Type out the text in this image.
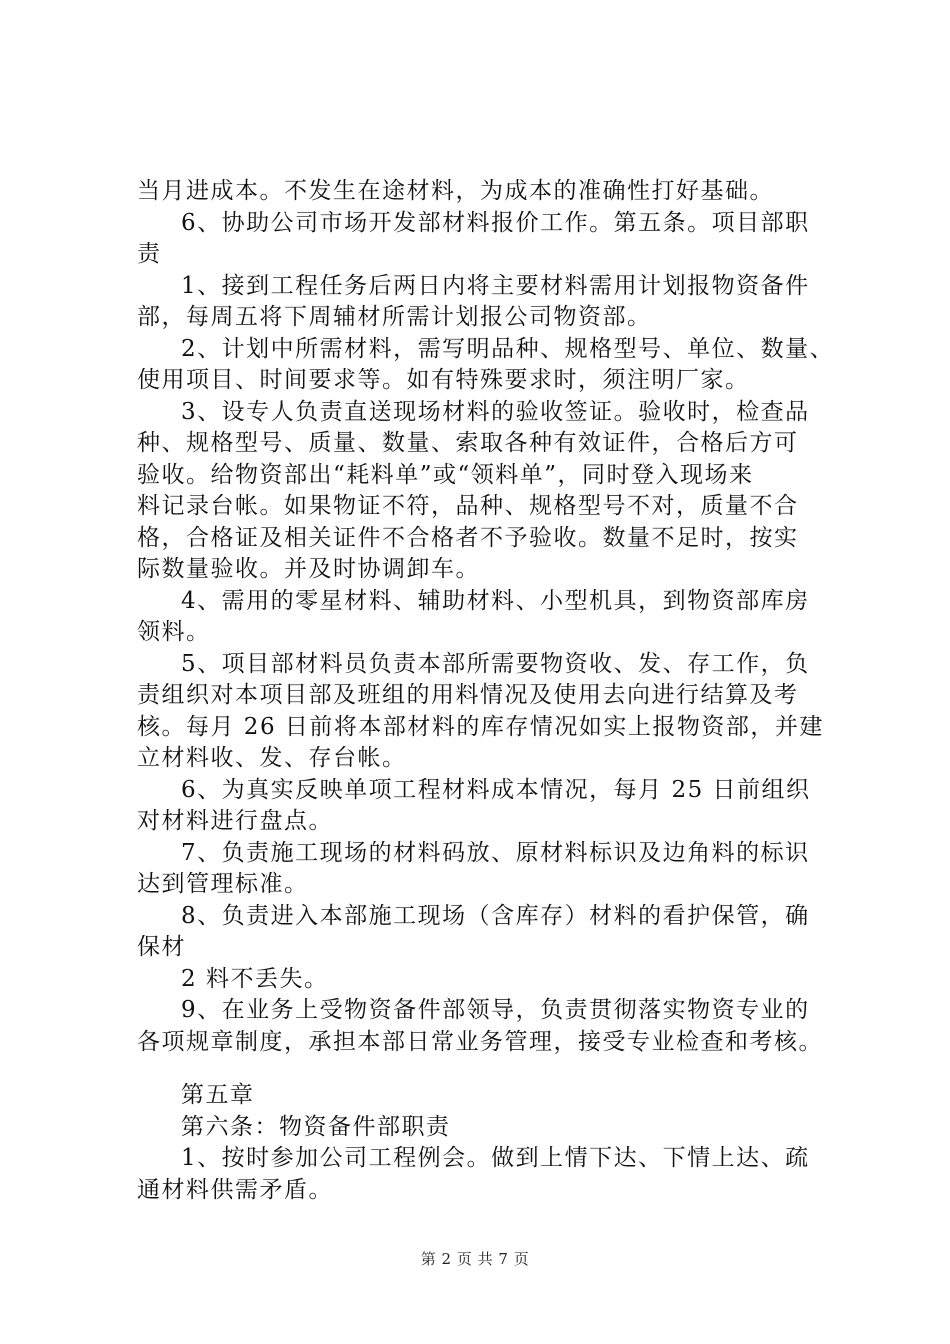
当月进成本。不发生在途材料，为成本的准确性打好基础。
6、协助公司市场开发部材料报价工作。第五条。项目部职
责
1、接到工程任务后两日内将主要材料需用计划报物资备件
部，每周五将下周辅材所需计划报公司物资部。
2、计划中所需材料，需写明品种、规格型号、单位、数量、
使用项目、时间要求等。如有特殊要求时，须注明厂家。
3、设专人负责直送现场材料的验收签证。验收时，检查品
种、规格型号、质量、数量、索取各种有效证件，合格后方可
验收。给物资部出“耗料单”或“领料单”，同时登入现场来
料记录台帐。如果物证不符，品种、规格型号不对，质量不合
格，合格证及相关证件不合格者不予验收。数量不足时，按实
际数量验收。并及时协调卸车。
4、需用的零星材料、辅助材料、小型机具，到物资部库房
领料。
5、项目部材料员负责本部所需要物资收、发、存工作，负
责组织对本项目部及班组的用料情况及使用去向进行结算及考
核。每月 26 日前将本部材料的库存情况如实上报物资部，并建
立材料收、发、存台帐。
6、为真实反映单项工程材料成本情况，每月 25 日前组织
对材料进行盘点。
7、负责施工现场的材料码放、原材料标识及边角料的标识
达到管理标准。
8、负责进入本部施工现场（含库存）材料的看护保管，确
保材
2 料不丢失。
9、在业务上受物资备件部领导，负责贯彻落实物资专业的
各项规章制度，承担本部日常业务管理，接受专业检查和考核。
第五章
第六条：物资备件部职责
1、按时参加公司工程例会。做到上情下达、下情上达、疏
通材料供需矛盾。
第 2 页 共 7 页
